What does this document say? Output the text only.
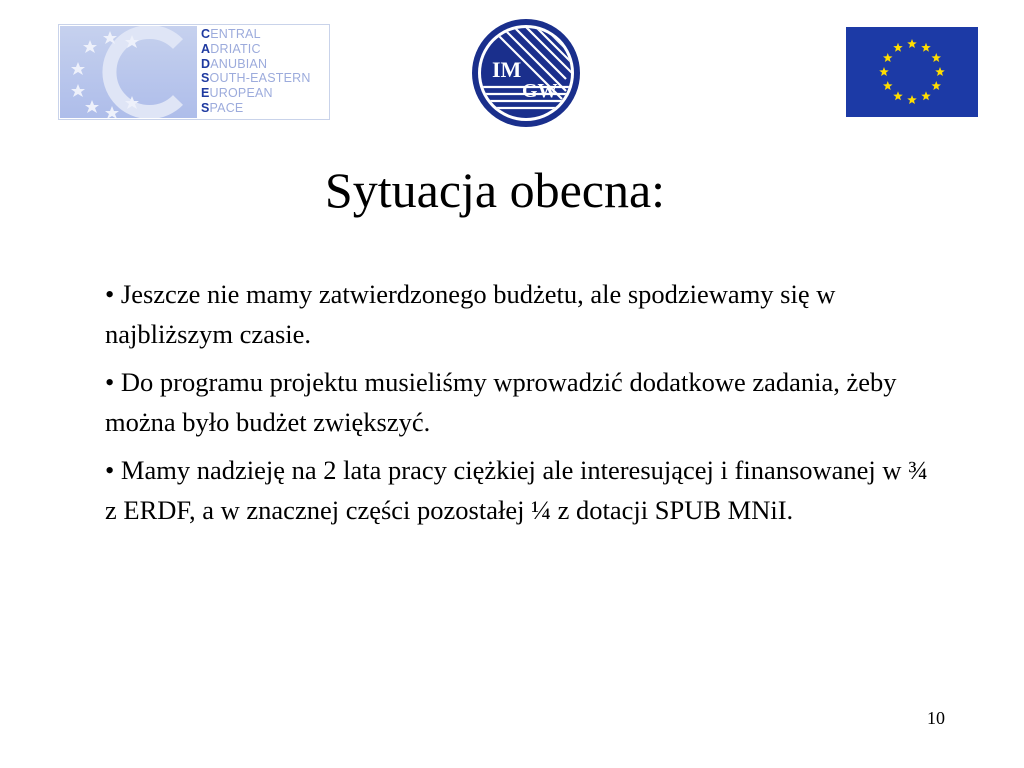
CENTRAL
ADRIATIC
DANUBIAN
SOUTH-EASTERN
EUROPEAN
SPACE
IM
GW
Sytuacja obecna:
• Jeszcze nie mamy zatwierdzonego budżetu, ale spodziewamy się w najbliższym czasie.
• Do programu projektu musieliśmy wprowadzić dodatkowe zadania, żeby można było budżet zwiększyć.
• Mamy nadzieję na 2 lata pracy ciężkiej ale interesującej i finansowanej w ¾ z ERDF, a w znacznej części pozostałej ¼ z dotacji SPUB MNiI.
10
